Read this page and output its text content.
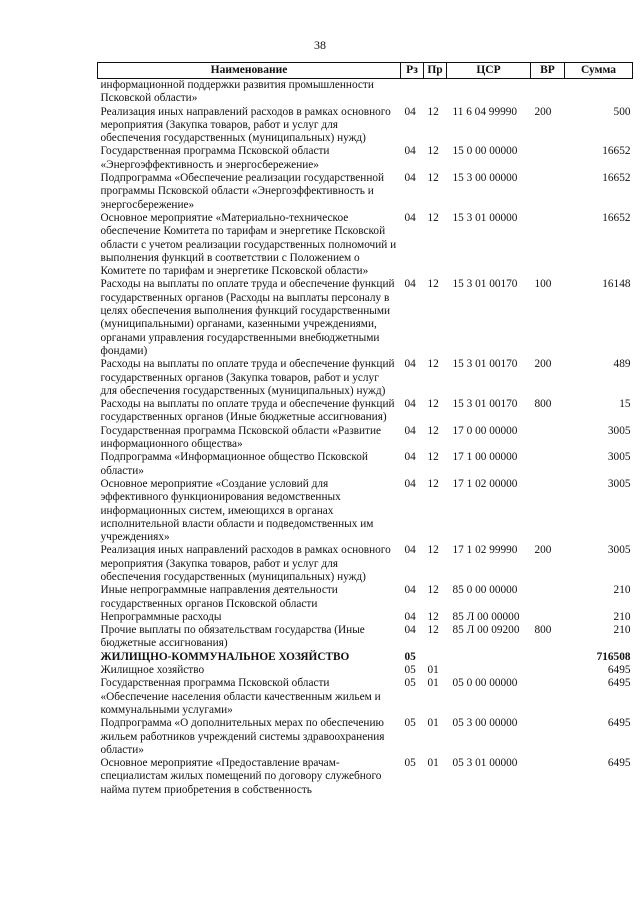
38
Наименование	Рз	Пр	ЦСР	ВР	Сумма
информационной поддержки развития промышленности Псковской области»					
Реализация иных направлений расходов в рамках основного мероприятия (Закупка товаров, работ и услуг для обеспечения государственных (муниципальных) нужд)	04	12	11 6 04 99990	200	500
Государственная программа Псковской области «Энергоэффективность и энергосбережение»	04	12	15 0 00 00000		16652
Подпрограмма «Обеспечение реализации государственной программы Псковской области «Энергоэффективность и энергосбережение»	04	12	15 3 00 00000		16652
Основное мероприятие «Материально-техническое обеспечение Комитета по тарифам и энергетике Псковской области с учетом реализации государственных полномочий и выполнения функций в соответствии с Положением о Комитете по тарифам и энергетике Псковской области»	04	12	15 3 01 00000		16652
Расходы на выплаты по оплате труда и обеспечение функций государственных органов (Расходы на выплаты персоналу в целях обеспечения выполнения функций государственными (муниципальными) органами, казенными учреждениями, органами управления государственными внебюджетными фондами)	04	12	15 3 01 00170	100	16148
Расходы на выплаты по оплате труда и обеспечение функций государственных органов (Закупка товаров, работ и услуг для обеспечения государственных (муниципальных) нужд)	04	12	15 3 01 00170	200	489
Расходы на выплаты по оплате труда и обеспечение функций государственных органов (Иные бюджетные ассигнования)	04	12	15 3 01 00170	800	15
Государственная программа Псковской области «Развитие информационного общества»	04	12	17 0 00 00000		3005
Подпрограмма «Информационное общество Псковской области»	04	12	17 1 00 00000		3005
Основное мероприятие «Создание условий для эффективного функционирования ведомственных информационных систем, имеющихся в органах исполнительной власти области и подведомственных им учреждениях»	04	12	17 1 02 00000		3005
Реализация иных направлений расходов в рамках основного мероприятия (Закупка товаров, работ и услуг для обеспечения государственных (муниципальных) нужд)	04	12	17 1 02 99990	200	3005
Иные непрограммные направления деятельности государственных органов Псковской области	04	12	85 0 00 00000		210
Непрограммные расходы	04	12	85 Л 00 00000		210
Прочие выплаты по обязательствам государства (Иные бюджетные ассигнования)	04	12	85 Л 00 09200	800	210
ЖИЛИЩНО-КОММУНАЛЬНОЕ ХОЗЯЙСТВО	05				716508
Жилищное хозяйство	05	01			6495
Государственная программа Псковской области «Обеспечение населения области качественным жильем и коммунальными услугами»	05	01	05 0 00 00000		6495
Подпрограмма «О дополнительных мерах по обеспечению жильем работников учреждений системы здравоохранения области»	05	01	05 3 00 00000		6495
Основное мероприятие «Предоставление врачам-специалистам жилых помещений по договору служебного найма путем приобретения в собственность	05	01	05 3 01 00000		6495
